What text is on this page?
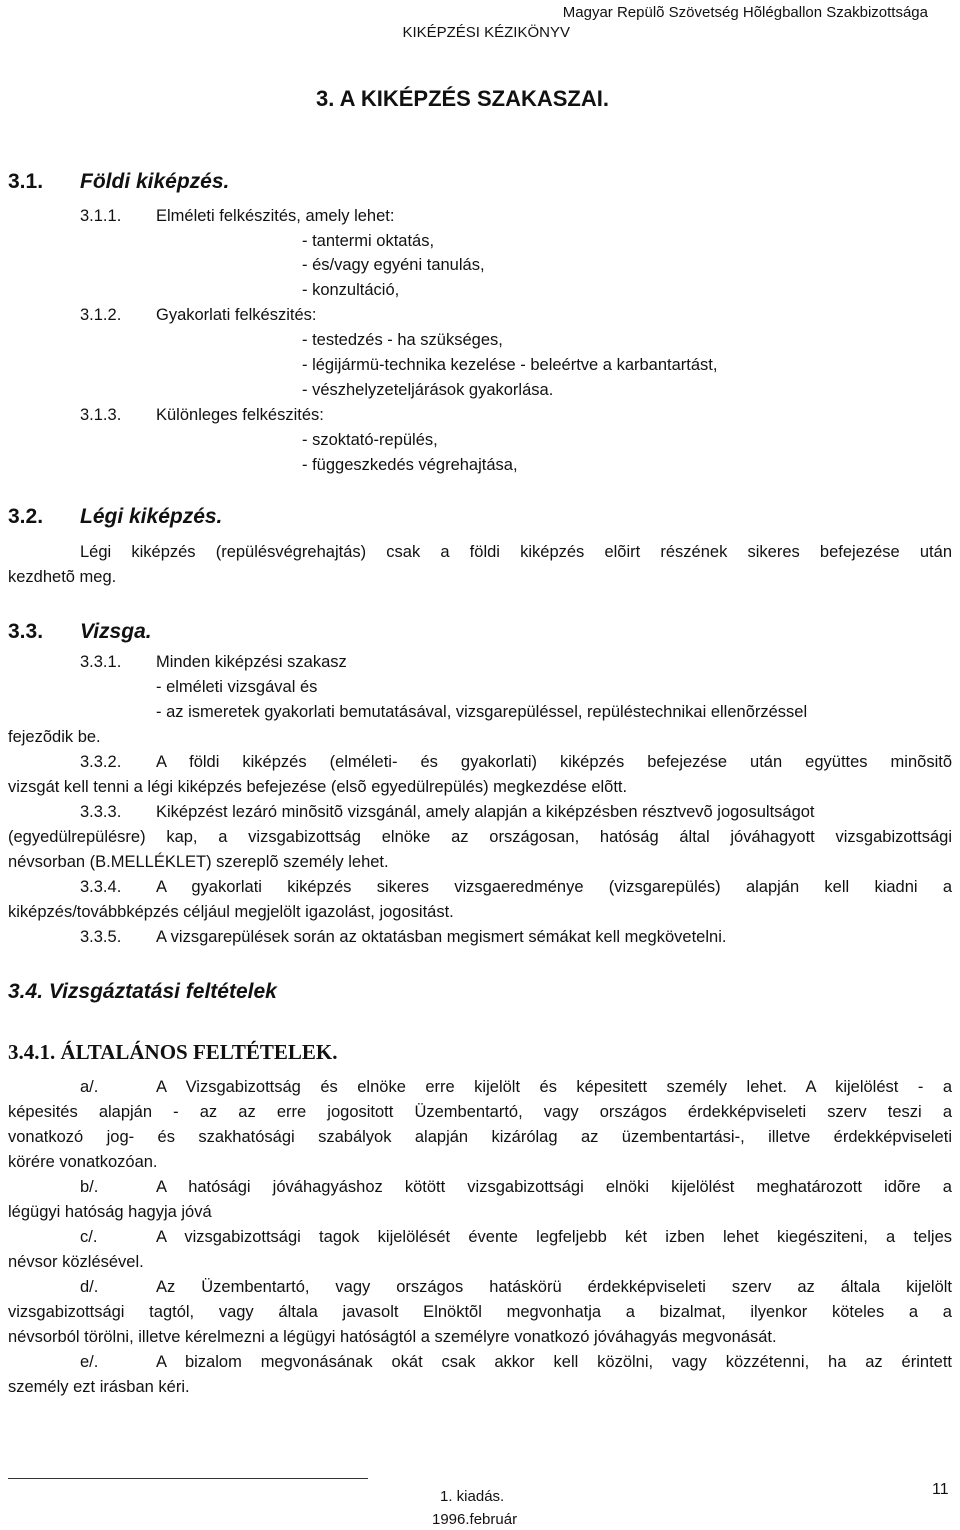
Magyar Repülõ Szövetség Hõlégballon Szakbizottsága
KIKÉPZÉSI KÉZIKÖNYV
3. A KIKÉPZÉS SZAKASZAI.
3.1. Földi kiképzés.
3.1.1. Elméleti felkészités, amely lehet:
- tantermi oktatás,
- és/vagy egyéni tanulás,
- konzultáció,
3.1.2. Gyakorlati felkészités:
- testedzés - ha szükséges,
- légijármü-technika kezelése - beleértve a karbantartást,
- vészhelyzeteljárások gyakorlása.
3.1.3. Különleges felkészités:
- szoktató-repülés,
- függeszkedés végrehajtása,
3.2. Légi kiképzés.
Légi kiképzés (repülésvégrehajtás) csak a földi kiképzés elõirt részének sikeres befejezése után
kezdhetõ meg.
3.3. Vizsga.
3.3.1. Minden kiképzési szakasz
- elméleti vizsgával és
- az ismeretek gyakorlati bemutatásával, vizsgarepüléssel, repüléstechnikai ellenõrzéssel
fejezõdik be.
3.3.2. A földi kiképzés (elméleti- és gyakorlati) kiképzés befejezése után együttes minõsitõ
vizsgát kell tenni a légi kiképzés befejezése (elsõ egyedülrepülés) megkezdése elõtt.
3.3.3. Kiképzést lezáró minõsitõ vizsgánál, amely alapján a kiképzésben résztvevõ jogosultságot
(egyedülrepülésre) kap, a vizsgabizottság elnöke az országosan, hatóság által jóváhagyott vizsgabizottsági
névsorban (B.MELLÉKLET) szereplõ személy lehet.
3.3.4. A gyakorlati kiképzés sikeres vizsgaeredménye (vizsgarepülés) alapján kell kiadni a
kiképzés/továbbképzés céljául megjelölt igazolást, jogositást.
3.3.5. A vizsgarepülések során az oktatásban megismert sémákat kell megkövetelni.
3.4. Vizsgáztatási feltételek
3.4.1. ÁLTALÁNOS FELTÉTELEK.
a/.	A Vizsgabizottság és elnöke erre kijelölt és képesitett személy lehet. A kijelölést - a
képesités alapján - az az erre jogositott Üzembentartó, vagy országos érdekképviseleti szerv teszi a
vonatkozó jog- és szakhatósági szabályok alapján kizárólag az üzembentartási-, illetve érdekképviseleti
körére vonatkozóan.
b/.	A hatósági jóváhagyáshoz kötött vizsgabizottsági elnöki kijelölést meghatározott idõre a
légügyi hatóság hagyja jóvá
c/.	A vizsgabizottsági tagok kijelölését évente legfeljebb két izben lehet kiegésziteni, a teljes
névsor közlésével.
d/.	Az Üzembentartó, vagy országos hatáskörü érdekképviseleti szerv az általa kijelölt
vizsgabizottsági tagtól, vagy általa javasolt Elnöktõl megvonhatja a bizalmat, ilyenkor köteles a a
névsorból törölni, illetve kérelmezni a légügyi hatóságtól a személyre vonatkozó jóváhagyás megvonását.
e/.	A bizalom megvonásának okát csak akkor kell közölni, vagy közzétenni, ha az érintett
személy ezt irásban kéri.
1. kiadás.
1996.február
11
